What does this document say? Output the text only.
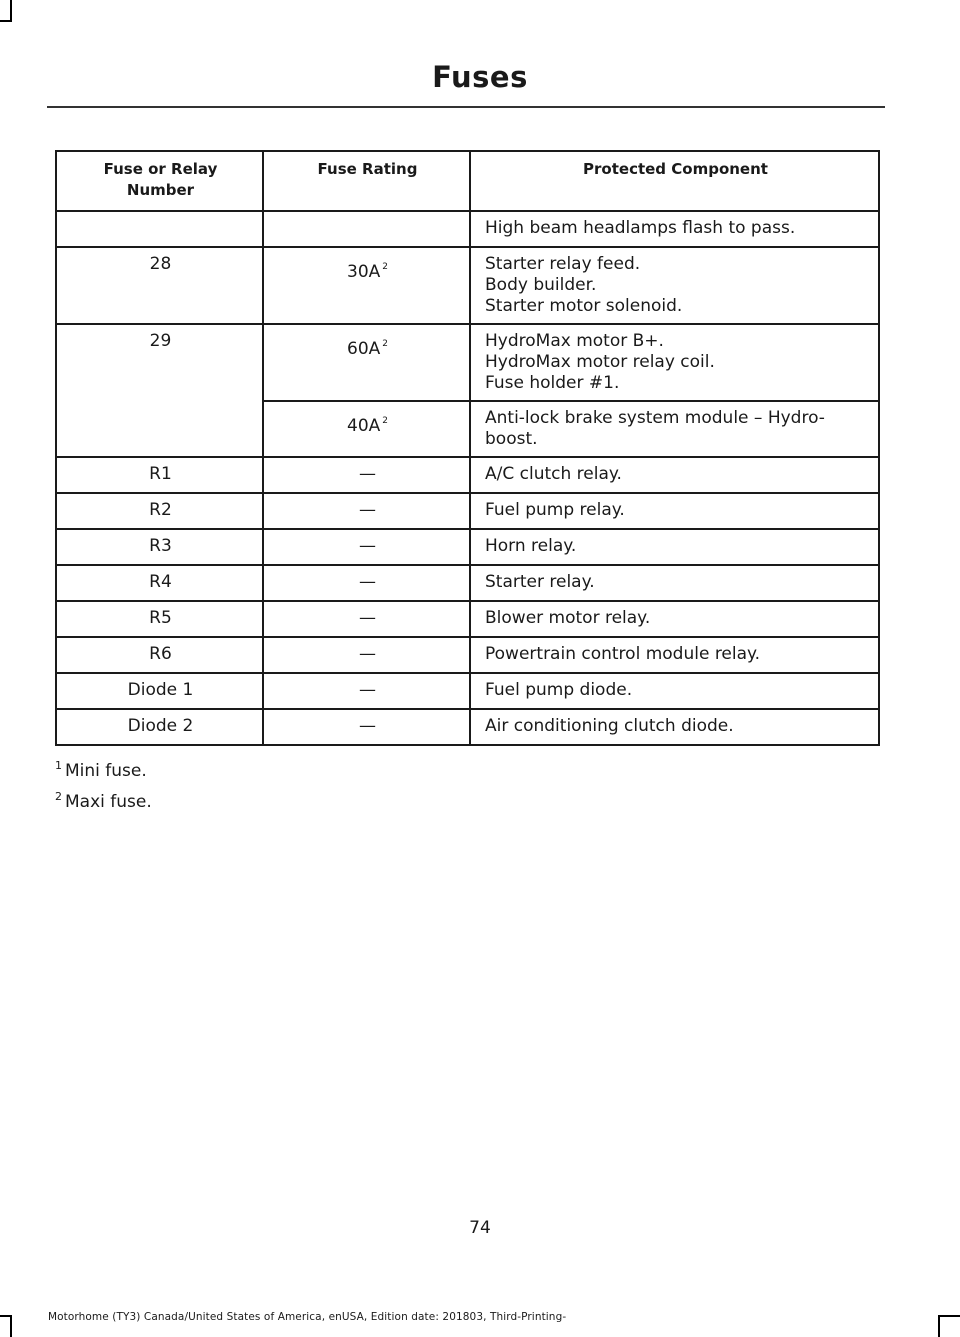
Fuses
Fuse or Relay Number	Fuse Rating	Protected Component

		High beam headlamps flash to pass.

28	30A $^2$	Starter relay feed.
Body builder.
Starter motor solenoid.

29	60A $^2$	HydroMax motor B+.
HydroMax motor relay coil.
Fuse holder #1.

	40A $^2$	Anti-lock brake system module – Hydro-boost.

R1	—	A/C clutch relay.

R2	—	Fuel pump relay.

R3	—	Horn relay.

R4	—	Starter relay.

R5	—	Blower motor relay.

R6	—	Powertrain control module relay.

Diode 1	—	Fuel pump diode.

Diode 2	—	Air conditioning clutch diode.
$^1$ Mini fuse.
$^2$ Maxi fuse.
74
Motorhome (TY3) Canada/United States of America, enUSA, Edition date: 201803, Third-Printing-
